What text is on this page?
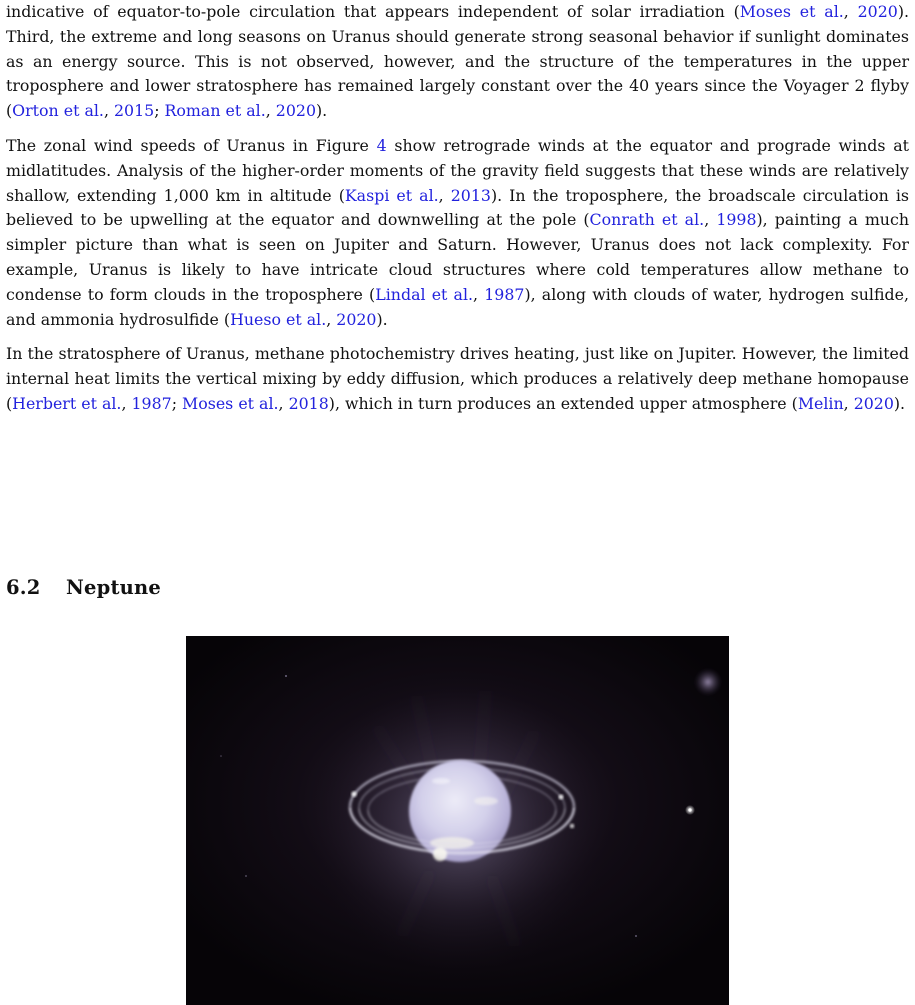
indicative of equator-to-pole circulation that appears independent of solar irradiation (Moses et al., 2020). Third, the extreme and long seasons on Uranus should generate strong seasonal behavior if sunlight dominates as an energy source. This is not observed, however, and the structure of the temperatures in the upper troposphere and lower stratosphere has remained largely constant over the 40 years since the Voyager 2 flyby (Orton et al., 2015; Roman et al., 2020).

The zonal wind speeds of Uranus in Figure 4 show retrograde winds at the equator and prograde winds at midlatitudes. Analysis of the higher-order moments of the gravity field suggests that these winds are relatively shallow, extending 1,000 km in altitude (Kaspi et al., 2013). In the troposphere, the broadscale circulation is believed to be upwelling at the equator and downwelling at the pole (Conrath et al., 1998), painting a much simpler picture than what is seen on Jupiter and Saturn. However, Uranus does not lack complexity. For example, Uranus is likely to have intricate cloud structures where cold temperatures allow methane to condense to form clouds in the troposphere (Lindal et al., 1987), along with clouds of water, hydrogen sulfide, and ammonia hydrosulfide (Hueso et al., 2020).

In the stratosphere of Uranus, methane photochemistry drives heating, just like on Jupiter. However, the limited internal heat limits the vertical mixing by eddy diffusion, which produces a relatively deep methane homopause (Herbert et al., 1987; Moses et al., 2018), which in turn produces an extended upper atmosphere (Melin, 2020).

6.2 Neptune
